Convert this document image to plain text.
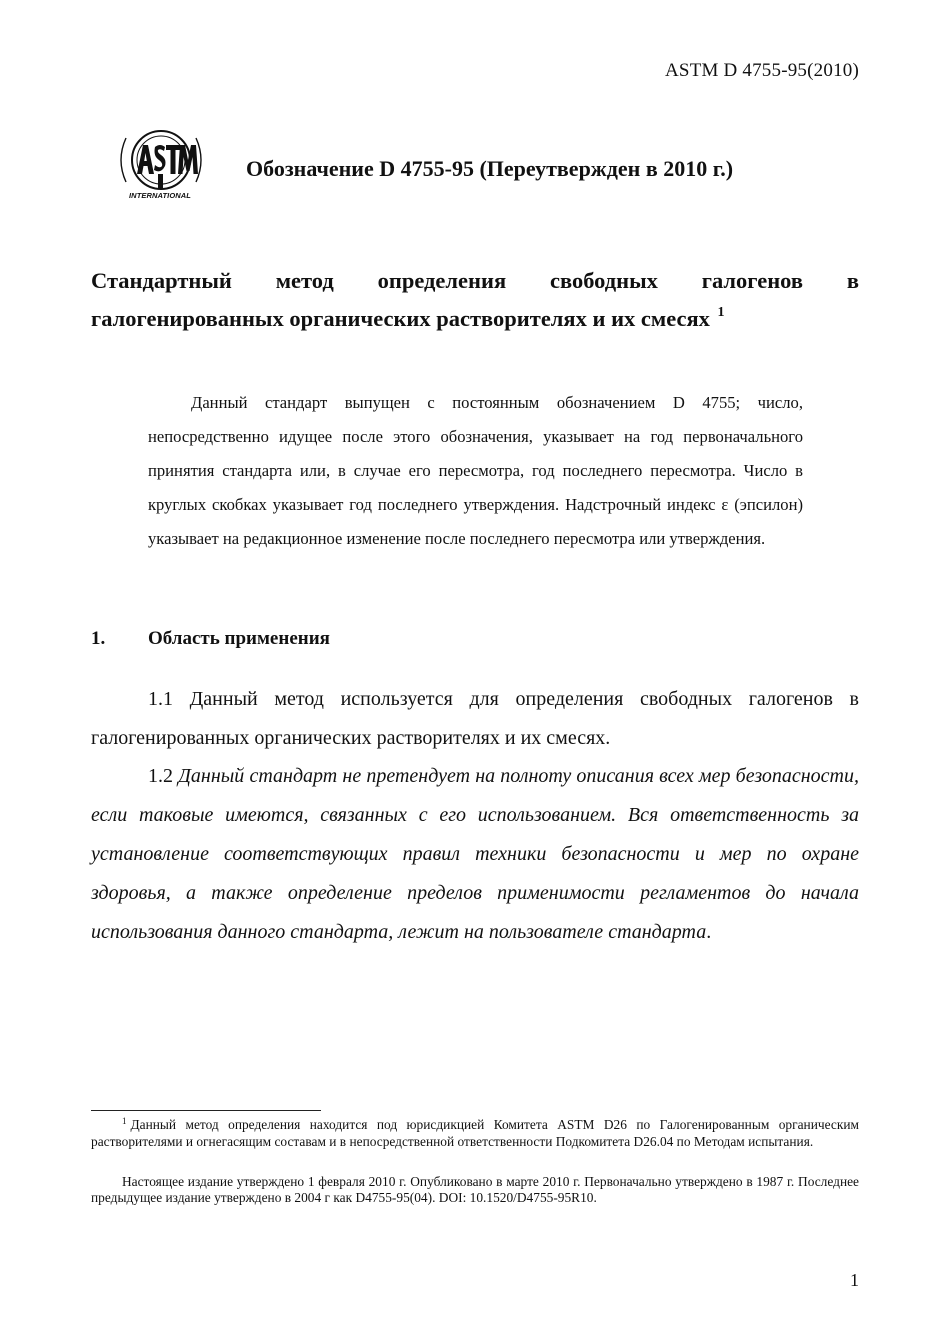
ASTM D 4755-95(2010)
INTERNATIONAL
Обозначение D 4755-95 (Переутвержден в 2010 г.)
Стандартный метод определения свободных галогенов в
галогенированных органических растворителях и их смесях $^1$
Данный стандарт выпущен с постоянным обозначением D 4755; число, непосредственно идущее после этого обозначения, указывает на год первоначального принятия стандарта или, в случае его пересмотра, год последнего пересмотра. Число в круглых скобках указывает год последнего утверждения. Надстрочный индекс ε (эпсилон) указывает на редакционное изменение после последнего пересмотра или утверждения.
1. Область применения
1.1 Данный метод используется для определения свободных галогенов в галогенированных органических растворителях и их смесях.
1.2 Данный стандарт не претендует на полноту описания всех мер безопасности, если таковые имеются, связанных с его использованием. Вся ответственность за установление соответствующих правил техники безопасности и мер по охране здоровья, а также определение пределов применимости регламентов до начала использования данного стандарта, лежит на пользователе стандарта.
$^1$ Данный метод определения находится под юрисдикцией Комитета ASTM D26 по Галогенированным органическим растворителями и огнегасящим составам и в непосредственной ответственности Подкомитета D26.04 по Методам испытания.
Настоящее издание утверждено 1 февраля 2010 г. Опубликовано в марте 2010 г. Первоначально утверждено в 1987 г. Последнее предыдущее издание утверждено в 2004 г как D4755-95(04). DOI: 10.1520/D4755-95R10.
1
